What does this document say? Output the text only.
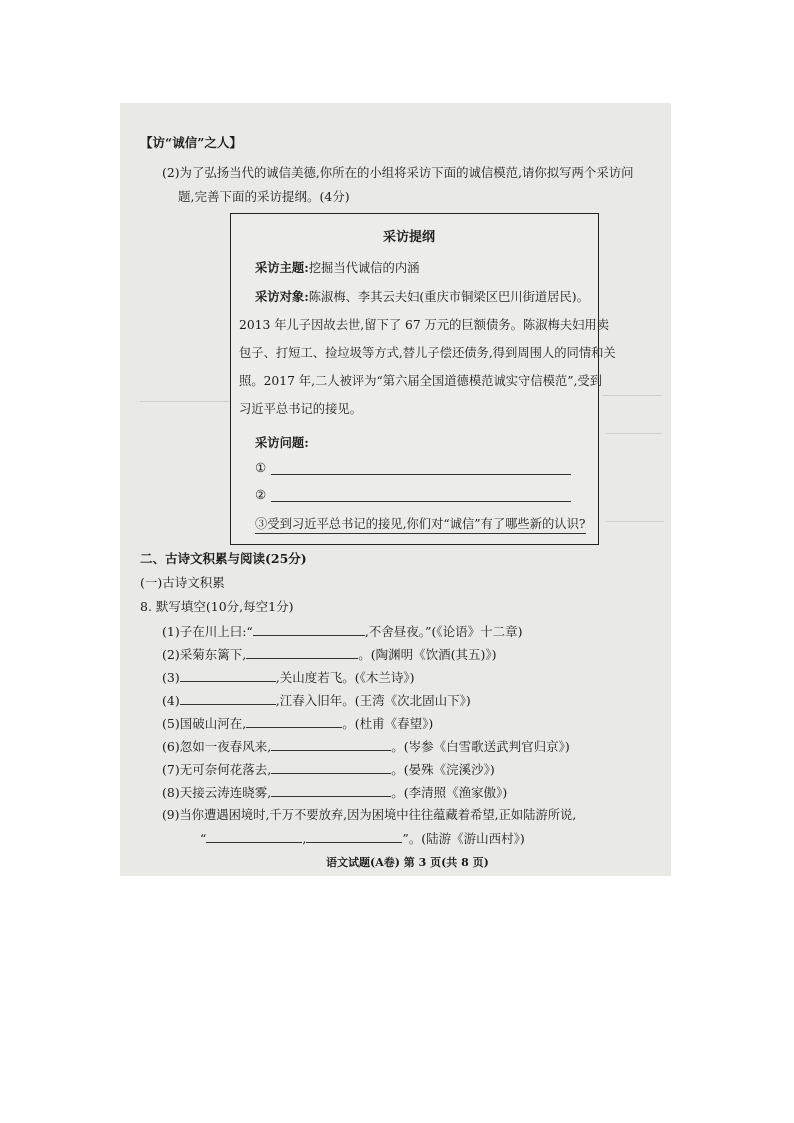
【访“诚信”之人】
(2)为了弘扬当代的诚信美德,你所在的小组将采访下面的诚信模范,请你拟写两个采访问
题,完善下面的采访提纲。(4分)
采访提纲
采访主题:挖掘当代诚信的内涵
采访对象:陈淑梅、李其云夫妇(重庆市铜梁区巴川街道居民)。
2013 年儿子因故去世,留下了 67 万元的巨额债务。陈淑梅夫妇用卖
包子、打短工、捡垃圾等方式,替儿子偿还债务,得到周围人的同情和关
照。2017 年,二人被评为“第六届全国道德模范诚实守信模范”,受到
习近平总书记的接见。
采访问题:
①
②
③受到习近平总书记的接见,你们对“诚信”有了哪些新的认识?
二、古诗文积累与阅读(25分)
(一)古诗文积累
8. 默写填空(10分,每空1分)
(1)子在川上曰:“	,不舍昼夜。”(《论语》十二章)
(2)采菊东篱下,	。(陶渊明《饮酒(其五)》)
(3)	,关山度若飞。(《木兰诗》)
(4)	,江春入旧年。(王湾《次北固山下》)
(5)国破山河在,	。(杜甫《春望》)
(6)忽如一夜春风来,	。(岑参《白雪歌送武判官归京》)
(7)无可奈何花落去,	。(晏殊《浣溪沙》)
(8)天接云涛连晓雾,	。(李清照《渔家傲》)
(9)当你遭遇困境时,千万不要放弃,因为困境中往往蕴藏着希望,正如陆游所说,
“	,	”。(陆游《游山西村》)
语文试题(A卷) 第 3 页(共 8 页)
